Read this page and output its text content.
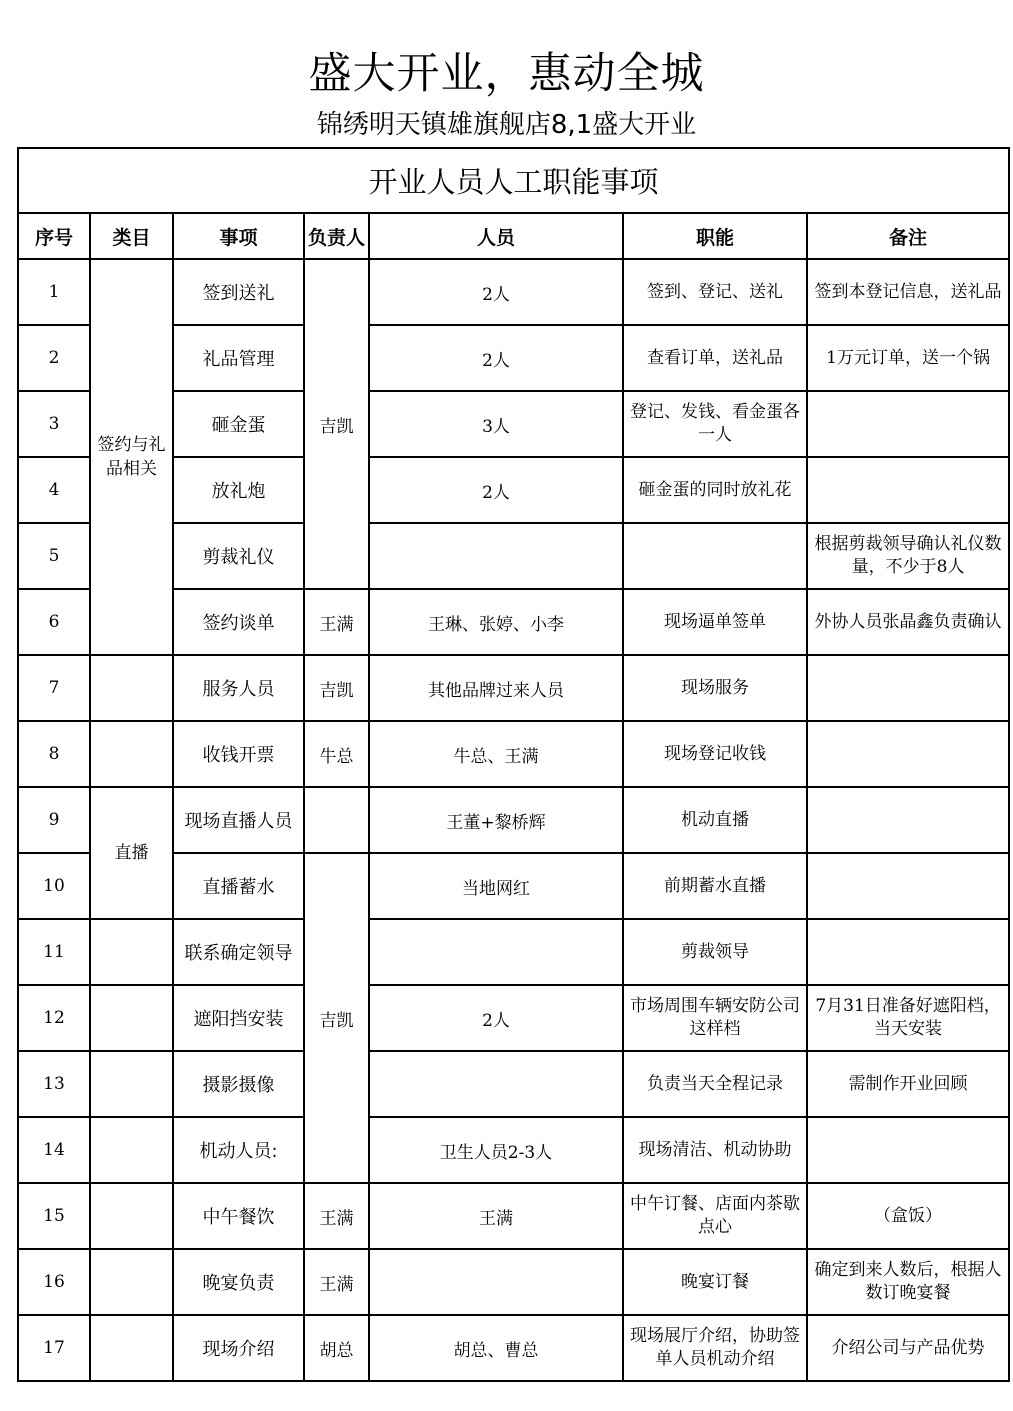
盛大开业，惠动全城
锦绣明天镇雄旗舰店8,1盛大开业
开业人员人工职能事项						
序号	类目	事项	负责人	人员	职能	备注
1	签约与礼品相关	签到送礼	吉凯	2人	签到、登记、送礼	签到本登记信息，送礼品
2		礼品管理		2人	查看订单，送礼品	1万元订单，送一个锅
3		砸金蛋		3人	登记、发钱、看金蛋各一人	
4		放礼炮		2人	砸金蛋的同时放礼花	
5		剪裁礼仪				根据剪裁领导确认礼仪数量，不少于8人
6		签约谈单	王满	王琳、张婷、小李	现场逼单签单	外协人员张晶鑫负责确认
7		服务人员	吉凯	其他品牌过来人员	现场服务	
8		收钱开票	牛总	牛总、王满	现场登记收钱	
9	直播	现场直播人员		王董+黎桥辉	机动直播	
10		直播蓄水	吉凯	当地网红	前期蓄水直播	
11		联系确定领导			剪裁领导	
12		遮阳挡安装		2人	市场周围车辆安防公司这样档	7月31日准备好遮阳档，当天安装
13		摄影摄像			负责当天全程记录	需制作开业回顾
14		机动人员:		卫生人员2-3人	现场清洁、机动协助	
15		中午餐饮	王满	王满	中午订餐、店面内茶歇点心	（盒饭）
16		晚宴负责	王满		晚宴订餐	确定到来人数后，根据人数订晚宴餐
17		现场介绍	胡总	胡总、曹总	现场展厅介绍，协助签单人员机动介绍	介绍公司与产品优势
